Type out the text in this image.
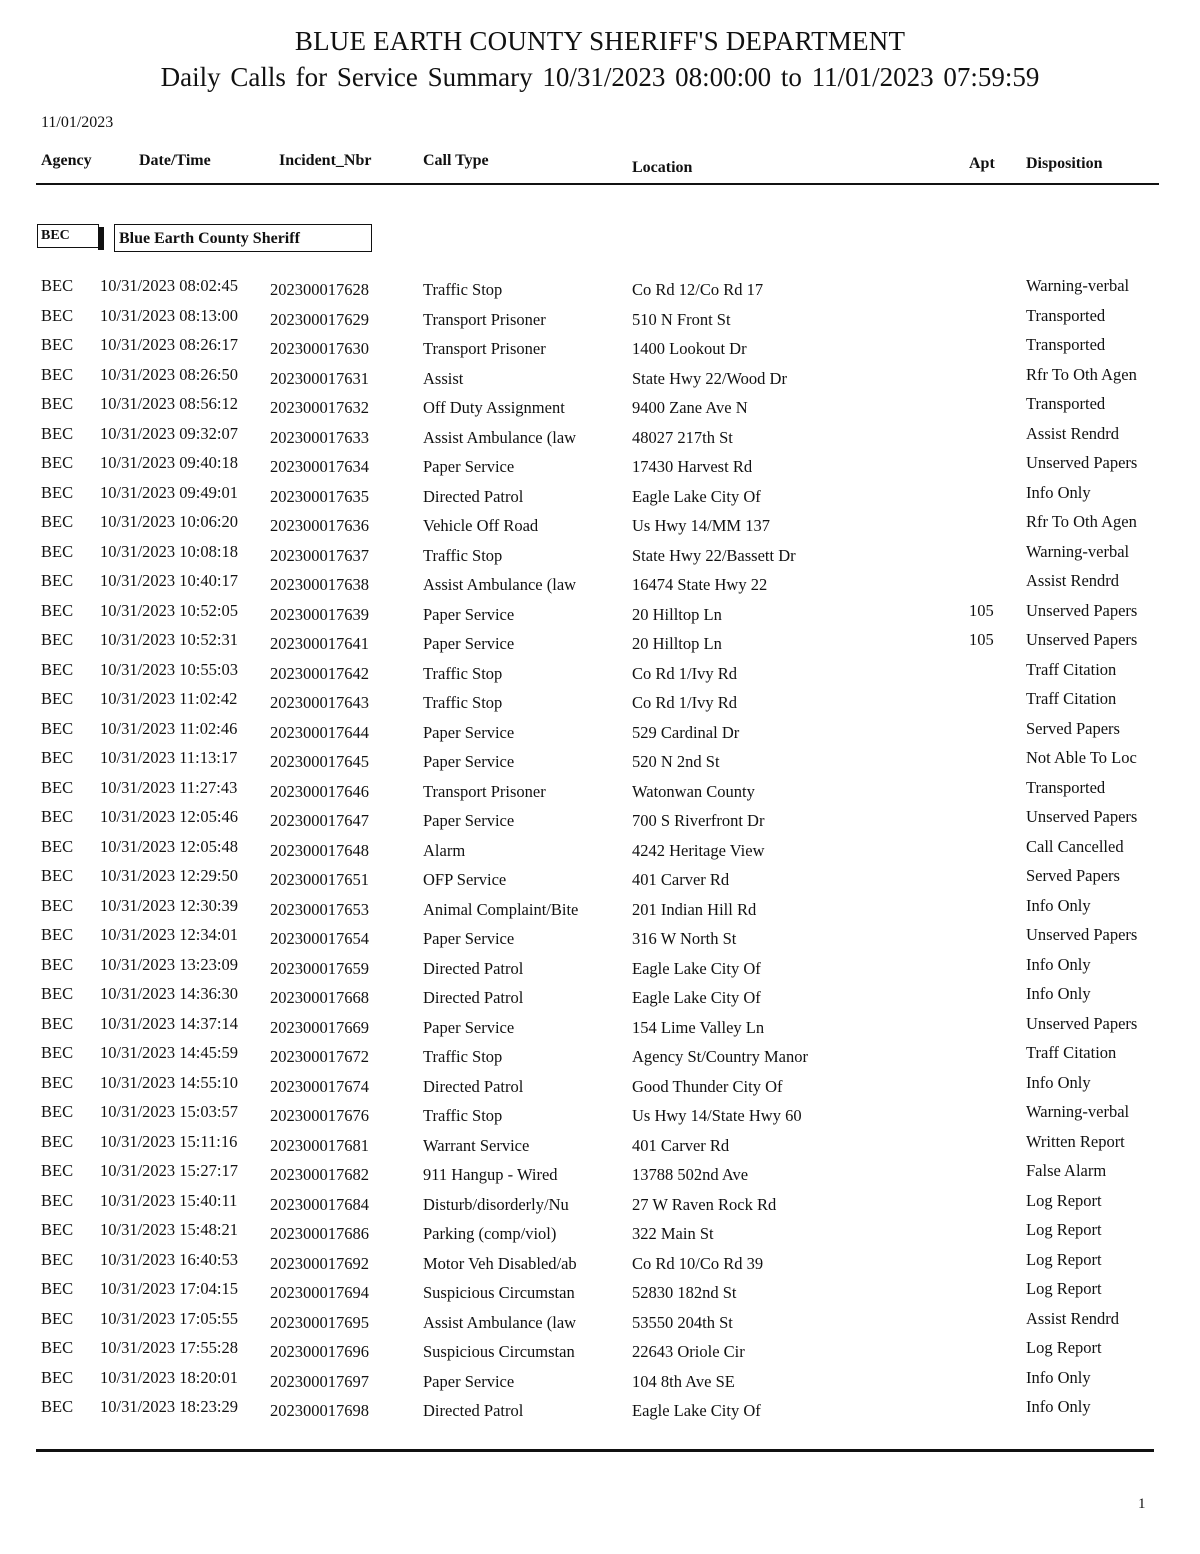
BLUE EARTH COUNTY SHERIFF'S DEPARTMENT
Daily Calls for Service Summary 10/31/2023 08:00:00 to 11/01/2023 07:59:59
11/01/2023
Agency	Date/Time	Incident_Nbr	Call Type	Location	Apt Disposition
BEC	Blue Earth County Sheriff
BEC 10/31/2023 08:02:45 202300017628	Traffic Stop	Co Rd 12/Co Rd 17	Warning-verbal
BEC 10/31/2023 08:13:00 202300017629	Transport Prisoner	510 N Front St	Transported
BEC 10/31/2023 08:26:17 202300017630	Transport Prisoner	1400 Lookout Dr	Transported
BEC 10/31/2023 08:26:50 202300017631	Assist	State Hwy 22/Wood Dr	Rfr To Oth Agen
BEC 10/31/2023 08:56:12 202300017632	Off Duty Assignment	9400 Zane Ave N	Transported
BEC 10/31/2023 09:32:07 202300017633	Assist Ambulance (law	48027 217th St	Assist Rendrd
BEC 10/31/2023 09:40:18 202300017634	Paper Service	17430 Harvest Rd	Unserved Papers
BEC 10/31/2023 09:49:01 202300017635	Directed Patrol	Eagle Lake City Of	Info Only
BEC 10/31/2023 10:06:20 202300017636	Vehicle Off Road	Us Hwy 14/MM 137	Rfr To Oth Agen
BEC 10/31/2023 10:08:18 202300017637	Traffic Stop	State Hwy 22/Bassett Dr	Warning-verbal
BEC 10/31/2023 10:40:17 202300017638	Assist Ambulance (law	16474 State Hwy 22	Assist Rendrd
BEC 10/31/2023 10:52:05 202300017639	Paper Service	20 Hilltop Ln	105 Unserved Papers
BEC 10/31/2023 10:52:31 202300017641	Paper Service	20 Hilltop Ln	105 Unserved Papers
BEC 10/31/2023 10:55:03 202300017642	Traffic Stop	Co Rd 1/Ivy Rd	Traff Citation
BEC 10/31/2023 11:02:42 202300017643	Traffic Stop	Co Rd 1/Ivy Rd	Traff Citation
BEC 10/31/2023 11:02:46 202300017644	Paper Service	529 Cardinal Dr	Served Papers
BEC 10/31/2023 11:13:17 202300017645	Paper Service	520 N 2nd St	Not Able To Loc
BEC 10/31/2023 11:27:43 202300017646	Transport Prisoner	Watonwan County	Transported
BEC 10/31/2023 12:05:46 202300017647	Paper Service	700 S Riverfront Dr	Unserved Papers
BEC 10/31/2023 12:05:48 202300017648	Alarm	4242 Heritage View	Call Cancelled
BEC 10/31/2023 12:29:50 202300017651	OFP Service	401 Carver Rd	Served Papers
BEC 10/31/2023 12:30:39 202300017653	Animal Complaint/Bite	201 Indian Hill Rd	Info Only
BEC 10/31/2023 12:34:01 202300017654	Paper Service	316 W North St	Unserved Papers
BEC 10/31/2023 13:23:09 202300017659	Directed Patrol	Eagle Lake City Of	Info Only
BEC 10/31/2023 14:36:30 202300017668	Directed Patrol	Eagle Lake City Of	Info Only
BEC 10/31/2023 14:37:14 202300017669	Paper Service	154 Lime Valley Ln	Unserved Papers
BEC 10/31/2023 14:45:59 202300017672	Traffic Stop	Agency St/Country Manor	Traff Citation
BEC 10/31/2023 14:55:10 202300017674	Directed Patrol	Good Thunder City Of	Info Only
BEC 10/31/2023 15:03:57 202300017676	Traffic Stop	Us Hwy 14/State Hwy 60	Warning-verbal
BEC 10/31/2023 15:11:16 202300017681	Warrant Service	401 Carver Rd	Written Report
BEC 10/31/2023 15:27:17 202300017682	911 Hangup - Wired	13788 502nd Ave	False Alarm
BEC 10/31/2023 15:40:11 202300017684	Disturb/disorderly/Nu	27 W Raven Rock Rd	Log Report
BEC 10/31/2023 15:48:21 202300017686	Parking (comp/viol)	322 Main St	Log Report
BEC 10/31/2023 16:40:53 202300017692	Motor Veh Disabled/ab	Co Rd 10/Co Rd 39	Log Report
BEC 10/31/2023 17:04:15 202300017694	Suspicious Circumstan	52830 182nd St	Log Report
BEC 10/31/2023 17:05:55 202300017695	Assist Ambulance (law	53550 204th St	Assist Rendrd
BEC 10/31/2023 17:55:28 202300017696	Suspicious Circumstan	22643 Oriole Cir	Log Report
BEC 10/31/2023 18:20:01 202300017697	Paper Service	104 8th Ave SE	Info Only
BEC 10/31/2023 18:23:29 202300017698	Directed Patrol	Eagle Lake City Of	Info Only
1
